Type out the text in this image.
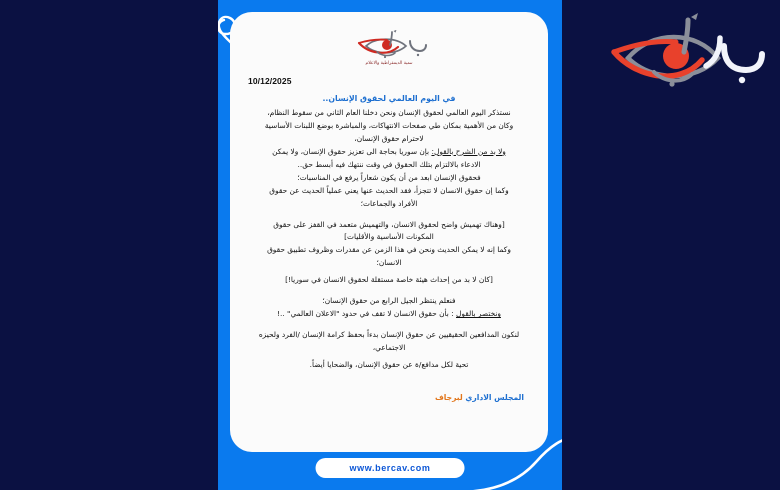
تنمية الديمقراطية والاعلام
10/12/2025
في اليوم العالمي لحقوق الإنسان..

نستذكر اليوم العالمي لحقوق الإنسان ونحن دخلنا العام الثاني من سقوط النظام،

وكان من الأهمية بمكان طي صفحات الانتهاكات، والمباشرة بوضع اللبنات الأساسية

لاحترام حقوق الإنسان،

ولا بد من الشرح بالقول: بإن سوريا بحاجة الى تعزيز حقوق الإنسان، ولا يمكن

الادعاء بالالتزام بتلك الحقوق في وقت ننتهك فيه أبسط حق..

فحقوق الإنسان ابعد من أن يكون شعاراً يرفع في المناسبات؛

وكما إن حقوق الانسان لا تتجزأ، فقد الحديث عنها يعني عملياً الحديث عن حقوق

الأفراد والجماعات؛

[وهناك تهميش واضح لحقوق الانسان، والتهميش متعمد في القفز على حقوق

المكونات الأساسية والأقليات]

وكما إنه لا يمكن الحديث ونحن في هذا الزمن عن مقدرات وظروف تطبيق حقوق

الانسان؛

[كان لا بد من إحداث هيئة خاصة مستقلة لحقوق الانسان في سوريا!]

فنعلم ينتظر الجيل الرابع من حقوق الإنسان؛

ونختصر بالقول : بأن حقوق الانسان لا تقف في حدود "الاعلان العالمي" ..!

لنكون المدافعين الحقيقيين عن حقوق الإنسان بدءاً بحفظ كرامة الإنسان /الفرد ولحيزه

الاجتماعي،

تحية لكل مدافع/ة عن حقوق الإنسان، والضحايا أيضاً.

المجلس الاداري لبرجاف
www.bercav.com
